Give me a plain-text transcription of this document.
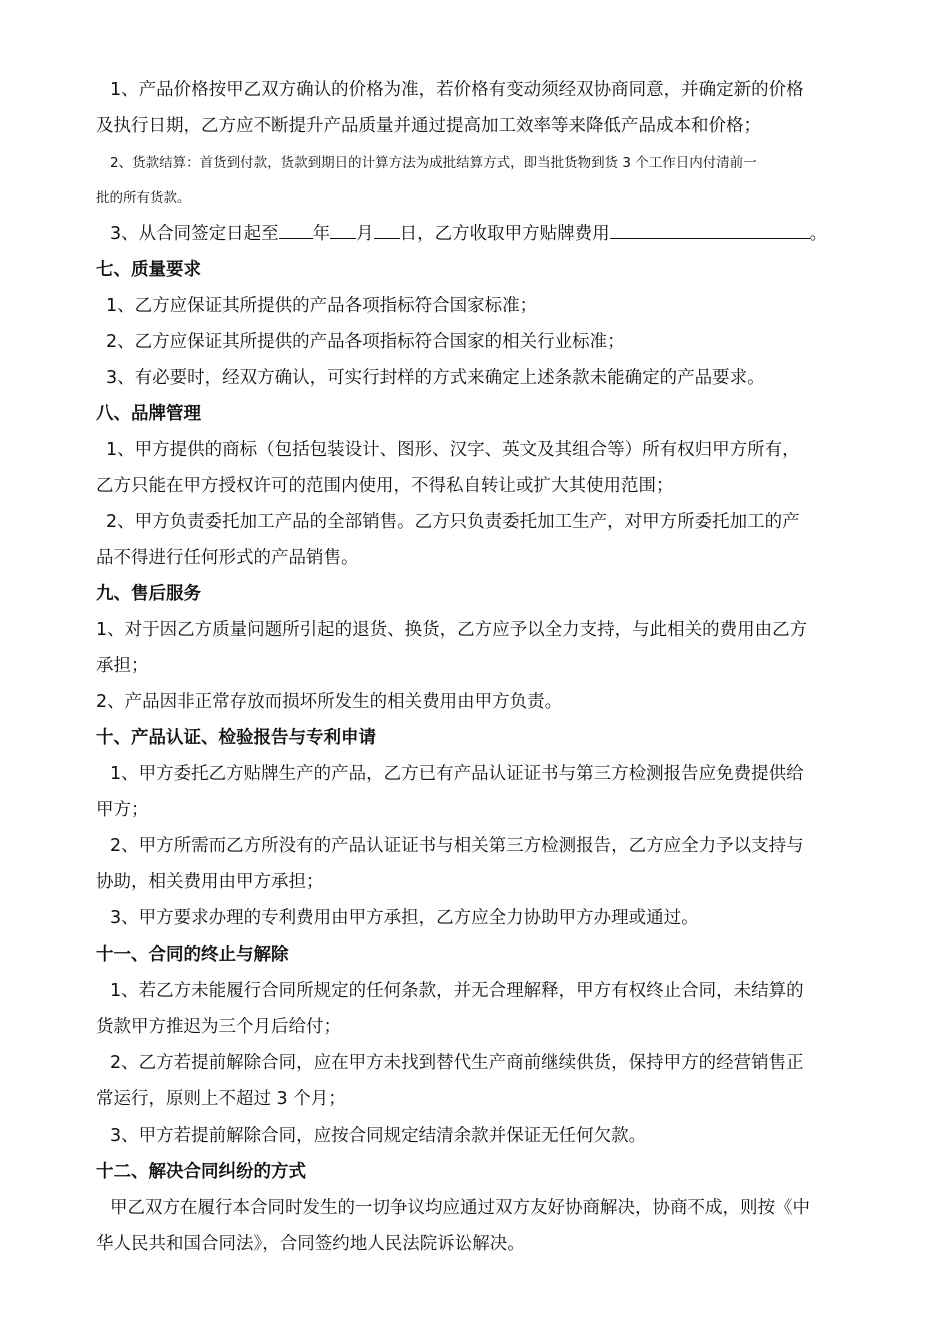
1、产品价格按甲乙双方确认的价格为准，若价格有变动须经双协商同意，并确定新的价格
及执行日期，乙方应不断提升产品质量并通过提高加工效率等来降低产品成本和价格；
2、货款结算：首货到付款，货款到期日的计算方法为成批结算方式，即当批货物到货 3 个工作日内付清前一
批的所有货款。
3、从合同签定日起至 年 月 日，乙方收取甲方贴牌费用	。
七、质量要求
1、乙方应保证其所提供的产品各项指标符合国家标准；
2、乙方应保证其所提供的产品各项指标符合国家的相关行业标准；
3、有必要时，经双方确认，可实行封样的方式来确定上述条款未能确定的产品要求。
八、品牌管理
1、甲方提供的商标（包括包装设计、图形、汉字、英文及其组合等）所有权归甲方所有，
乙方只能在甲方授权许可的范围内使用，不得私自转让或扩大其使用范围；
2、甲方负责委托加工产品的全部销售。乙方只负责委托加工生产，对甲方所委托加工的产
品不得进行任何形式的产品销售。
九、售后服务
1、对于因乙方质量问题所引起的退货、换货，乙方应予以全力支持，与此相关的费用由乙方
承担；
2、产品因非正常存放而损坏所发生的相关费用由甲方负责。
十、产品认证、检验报告与专利申请
1、甲方委托乙方贴牌生产的产品，乙方已有产品认证证书与第三方检测报告应免费提供给
甲方；
2、甲方所需而乙方所没有的产品认证证书与相关第三方检测报告，乙方应全力予以支持与
协助，相关费用由甲方承担；
3、甲方要求办理的专利费用由甲方承担，乙方应全力协助甲方办理或通过。
十一、合同的终止与解除
1、若乙方未能履行合同所规定的任何条款，并无合理解释，甲方有权终止合同，未结算的
货款甲方推迟为三个月后给付；
2、乙方若提前解除合同，应在甲方未找到替代生产商前继续供货，保持甲方的经营销售正
常运行，原则上不超过 3 个月；
3、甲方若提前解除合同，应按合同规定结清余款并保证无任何欠款。
十二、解决合同纠纷的方式
甲乙双方在履行本合同时发生的一切争议均应通过双方友好协商解决，协商不成，则按《中
华人民共和国合同法》，合同签约地人民法院诉讼解决。
